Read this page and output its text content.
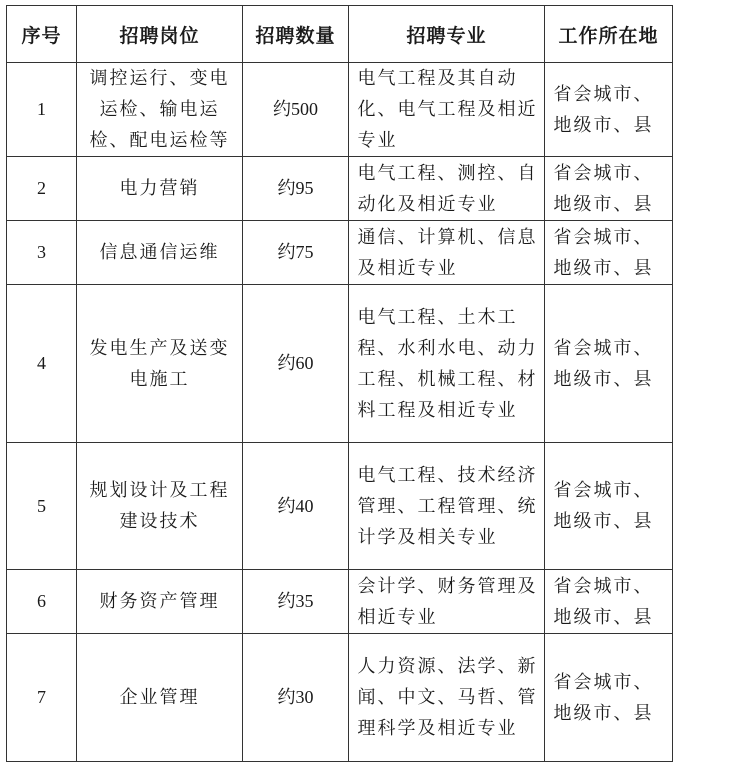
序号	招聘岗位	招聘数量	招聘专业	工作所在地
1	调控运行、变电运检、输电运检、配电运检等	约500	电气工程及其自动化、电气工程及相近专业	省会城市、地级市、县
2	电力营销	约95	电气工程、测控、自动化及相近专业	省会城市、地级市、县
3	信息通信运维	约75	通信、计算机、信息及相近专业	省会城市、地级市、县
4	发电生产及送变电施工	约60	电气工程、土木工程、水利水电、动力工程、机械工程、材料工程及相近专业	省会城市、地级市、县
5	规划设计及工程建设技术	约40	电气工程、技术经济管理、工程管理、统计学及相关专业	省会城市、地级市、县
6	财务资产管理	约35	会计学、财务管理及相近专业	省会城市、地级市、县
7	企业管理	约30	人力资源、法学、新闻、中文、马哲、管理科学及相近专业	省会城市、地级市、县
